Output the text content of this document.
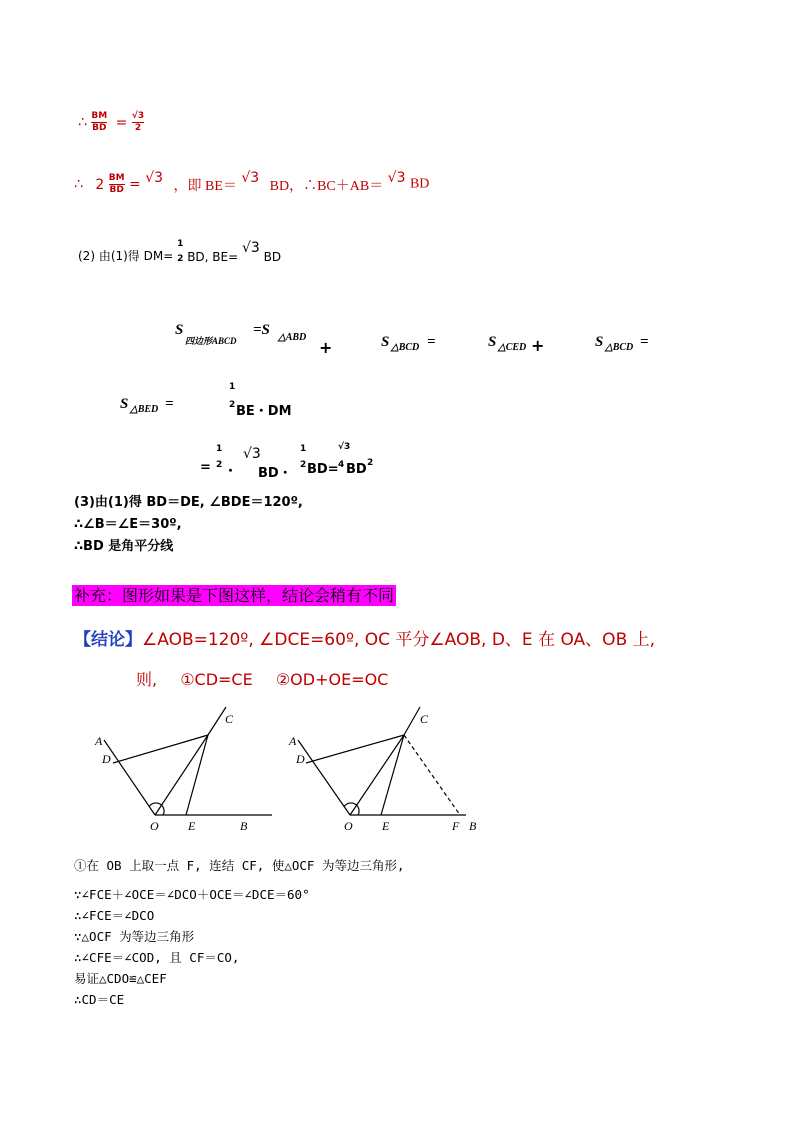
∴ $\frac{BM}{BD} = \frac{√3}{2}$
∴ $2 \frac{BM}{BD} = √3$ ，即 BE＝ √3 BD，∴BC＋AB＝ √3 BD
(2) 由(1)得 DM=
1
2 BD, BE= √3 BD
S
四边形ABCD
=S △ABD
+	S △BCD =	S △CED +	S △BCD =
S △BED =
1
2 BE・DM
=
1
2 ・
√3
BD・
1
2 BD=
√3
4 BD 2
(3)由(1)得 BD＝DE, ∠BDE＝120º,
∴∠B＝∠E＝30º,
∴BD 是角平分线
补充：图形如果是下图这样，结论会稍有不同
【结论】∠AOB=120º, ∠DCE=60º, OC 平分∠AOB, D、E 在 OA、OB 上,
则, ①CD=CE ②OD+OE=OC
A
D
C
O E	B
A
D
C
O E	F B
①在 OB 上取一点 F, 连结 CF, 使△OCF 为等边三角形,
∵∠FCE＋∠OCE＝∠DCO＋OCE＝∠DCE＝60°
∴∠FCE＝∠DCO
∵△OCF 为等边三角形
∴∠CFE＝∠COD, 且 CF＝CO,
易证△CDO≌△CEF
∴CD＝CE
